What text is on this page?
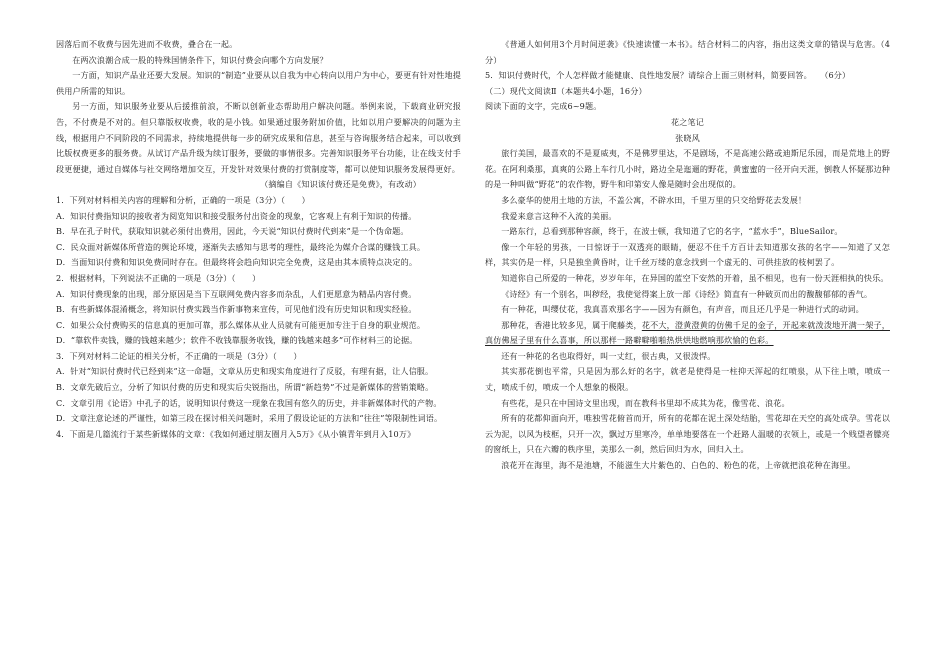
因落后而不收费与因先进而不收费，叠合在一起。

在两次浪潮合成一股的特殊国情条件下，知识付费会向哪个方向发展？

一方面，知识产品业还要大发展。知识的“制造”业要从以自我为中心转向以用户为中心，要更有针对性地提供用户所需的知识。

另一方面，知识服务业要从后援推前浪，不断以创新业态帮助用户解决问题。举例来说，下载商业研究报告，不付费是不对的。但只靠版权收费，收的是小钱。如果通过服务附加价值，比如以用户要解决的问题为主线，根据用户不同阶段的不同需求，持续地提供每一步的研究成果和信息，甚至与咨询服务结合起来，可以收到比版权费更多的服务费。从试订产品升级为续订服务，要做的事情很多。完善知识服务平台功能，让在线支付手段更便捷，通过自媒体与社交网络增加交互，开发针对效果付费的打赏制度等，都可以使知识服务发展得更好。

（摘编自《知识该付费还是免费》，有改动）

1．下列对材料相关内容的理解和分析，正确的一项是（3分）（　　）

A．知识付费指知识的接收者为阅览知识和接受服务付出资金的现象，它客观上有利于知识的传播。

B．早在孔子时代，获取知识就必须付出费用，因此，今天说“知识付费时代到来”是一个伪命题。

C．民众面对新媒体所营造的舆论环境，逐渐失去感知与思考的理性，最终沦为媒介合谋的赚钱工具。

D．当面知识付费和知识免费同时存在。但最终将会趋向知识完全免费，这是由其本质特点决定的。

2．根据材料，下列说法不正确的一项是（3分）（　　）

A．知识付费现象的出现，部分原因是当下互联网免费内容多而杂乱，人们更愿意为精品内容付费。

B．有些新媒体混淆概念，将知识付费实践当作新事物来宣传，可见他们没有历史知识和现实经验。

C．如果公众付费购买的信息真的更加可靠，那么媒体从业人员就有可能更加专注于自身的职业规范。

D．“靠软件卖钱，赚的钱越来越少；软件不收钱靠服务收钱，赚的钱越来越多”可作材料三的论据。

3．下列对材料二论证的相关分析，不正确的一项是（3分）（　　）

A．针对“知识付费时代已经到来”这一命题，文章从历史和现实角度进行了反驳，有理有据，让人信服。

B．文章先破后立，分析了知识付费的历史和现实后尖锐指出，所谓“新趋势”不过是新媒体的营销策略。

C．文章引用《论语》中孔子的话，说明知识付费这一现象在我国有悠久的历史，并非新媒体时代的产物。

D．文章注意论述的严谨性，如第三段在探讨相关问题时，采用了假设论证的方法和“往往”等限制性词语。

4．下面是几篇流行于某些新媒体的文章：《我如何通过朋友圈月入5万》《从小镇青年到月入10万》

《普通人如何用3个月时间逆袭》《快速读懂一本书》。结合材料二的内容，指出这类文章的错误与危害。（4分）

5．知识付费时代，个人怎样做才能健康、良性地发展？请综合上面三则材料，简要回答。　　（6分）

（二）现代文阅读Ⅱ（本题共4小题，16分）

阅读下面的文字，完成6~9题。

花之笔记

张晓风

旅行美国，最喜欢的不是夏威夷，不是佛罗里达，不是剧场，不是高速公路或迪斯尼乐园，而是荒地上的野花。在阿利桑那，真爽的公路上车行几小时，路边全是迤逦的野花，黄蜜蜜的一径开向天涯，倒教人怀疑那边种的是一种叫做“野花”的农作物，野牛和印第安人像是随时会出现似的。

多么豪华的使用土地的方法，不盖公寓，不辟水田，千里万里的只交给野花去发展！

我爱来意言这种不入流的美丽。

一路东行，总看到那种容颜，终于，在波士顿，我知道了它的名字，“蓝水手”，BlueSailor。

像一个年轻的男孩，一日惊讶于一双透亮的眼睛，便忍不住千方百计去知道那女孩的名字——知道了又怎样，其实仍是一样，只是独坐黄昏时，让千丝万缕的意念找到一个虚无的、可供挂放的枝柯罢了。

知道你自己所爱的一种花，岁岁年年，在异国的蓝空下安然的开着，虽不相见，也有一份天涯相执的快乐。

《诗经》有一个别名，叫秽经，我使觉得案上放一部《诗经》简直有一种破页而出的馥馥郁郁的香气。

有一种花，叫缨仗花，我真喜欢那名字——因为有颜色，有声音，而且还几乎是一种进行式的动词。

那种花，香港比较多见，属于爬藤类，花不大，澄黄澄黄的仿佛千足的金子，开起来就泼泼地开满一架子，真仿佛屋子里有什么喜事，所以那样一路噼噼啪啪热烘烘地燃响那炊愉的色彩。

还有一种花的名也取得好，叫一丈红，很古典，又很泼悍。

其实那花倒也平常，只是因为那么好的名字，就老是使得是一柱抑天浑起的红喷泉，从下往上喷，喷成一丈，喷成千仞，喷成一个人想象的极限。

有些花，是只在中国诗文里出现，而在教科书里却不成其为花，像雪花、浪花。

所有的花都仰面向开，唯独雪花俯首而开，所有的花都在泥土深处结胎，雪花却在天空的高处成孕。雪花以云为泥，以风为枝框，只开一次，飘过万里寒冷，单单地要落在一个赶路人温暖的衣领上，或是一个贱望者朦亮的窗纸上，只在六瓣的秩序里，美那么一刹，然后回归为水，回归入土。

浪花开在海里，海不是池塘，不能滋生大片紫色的、白色的、粉色的花，上帝就把浪花种在海里。
